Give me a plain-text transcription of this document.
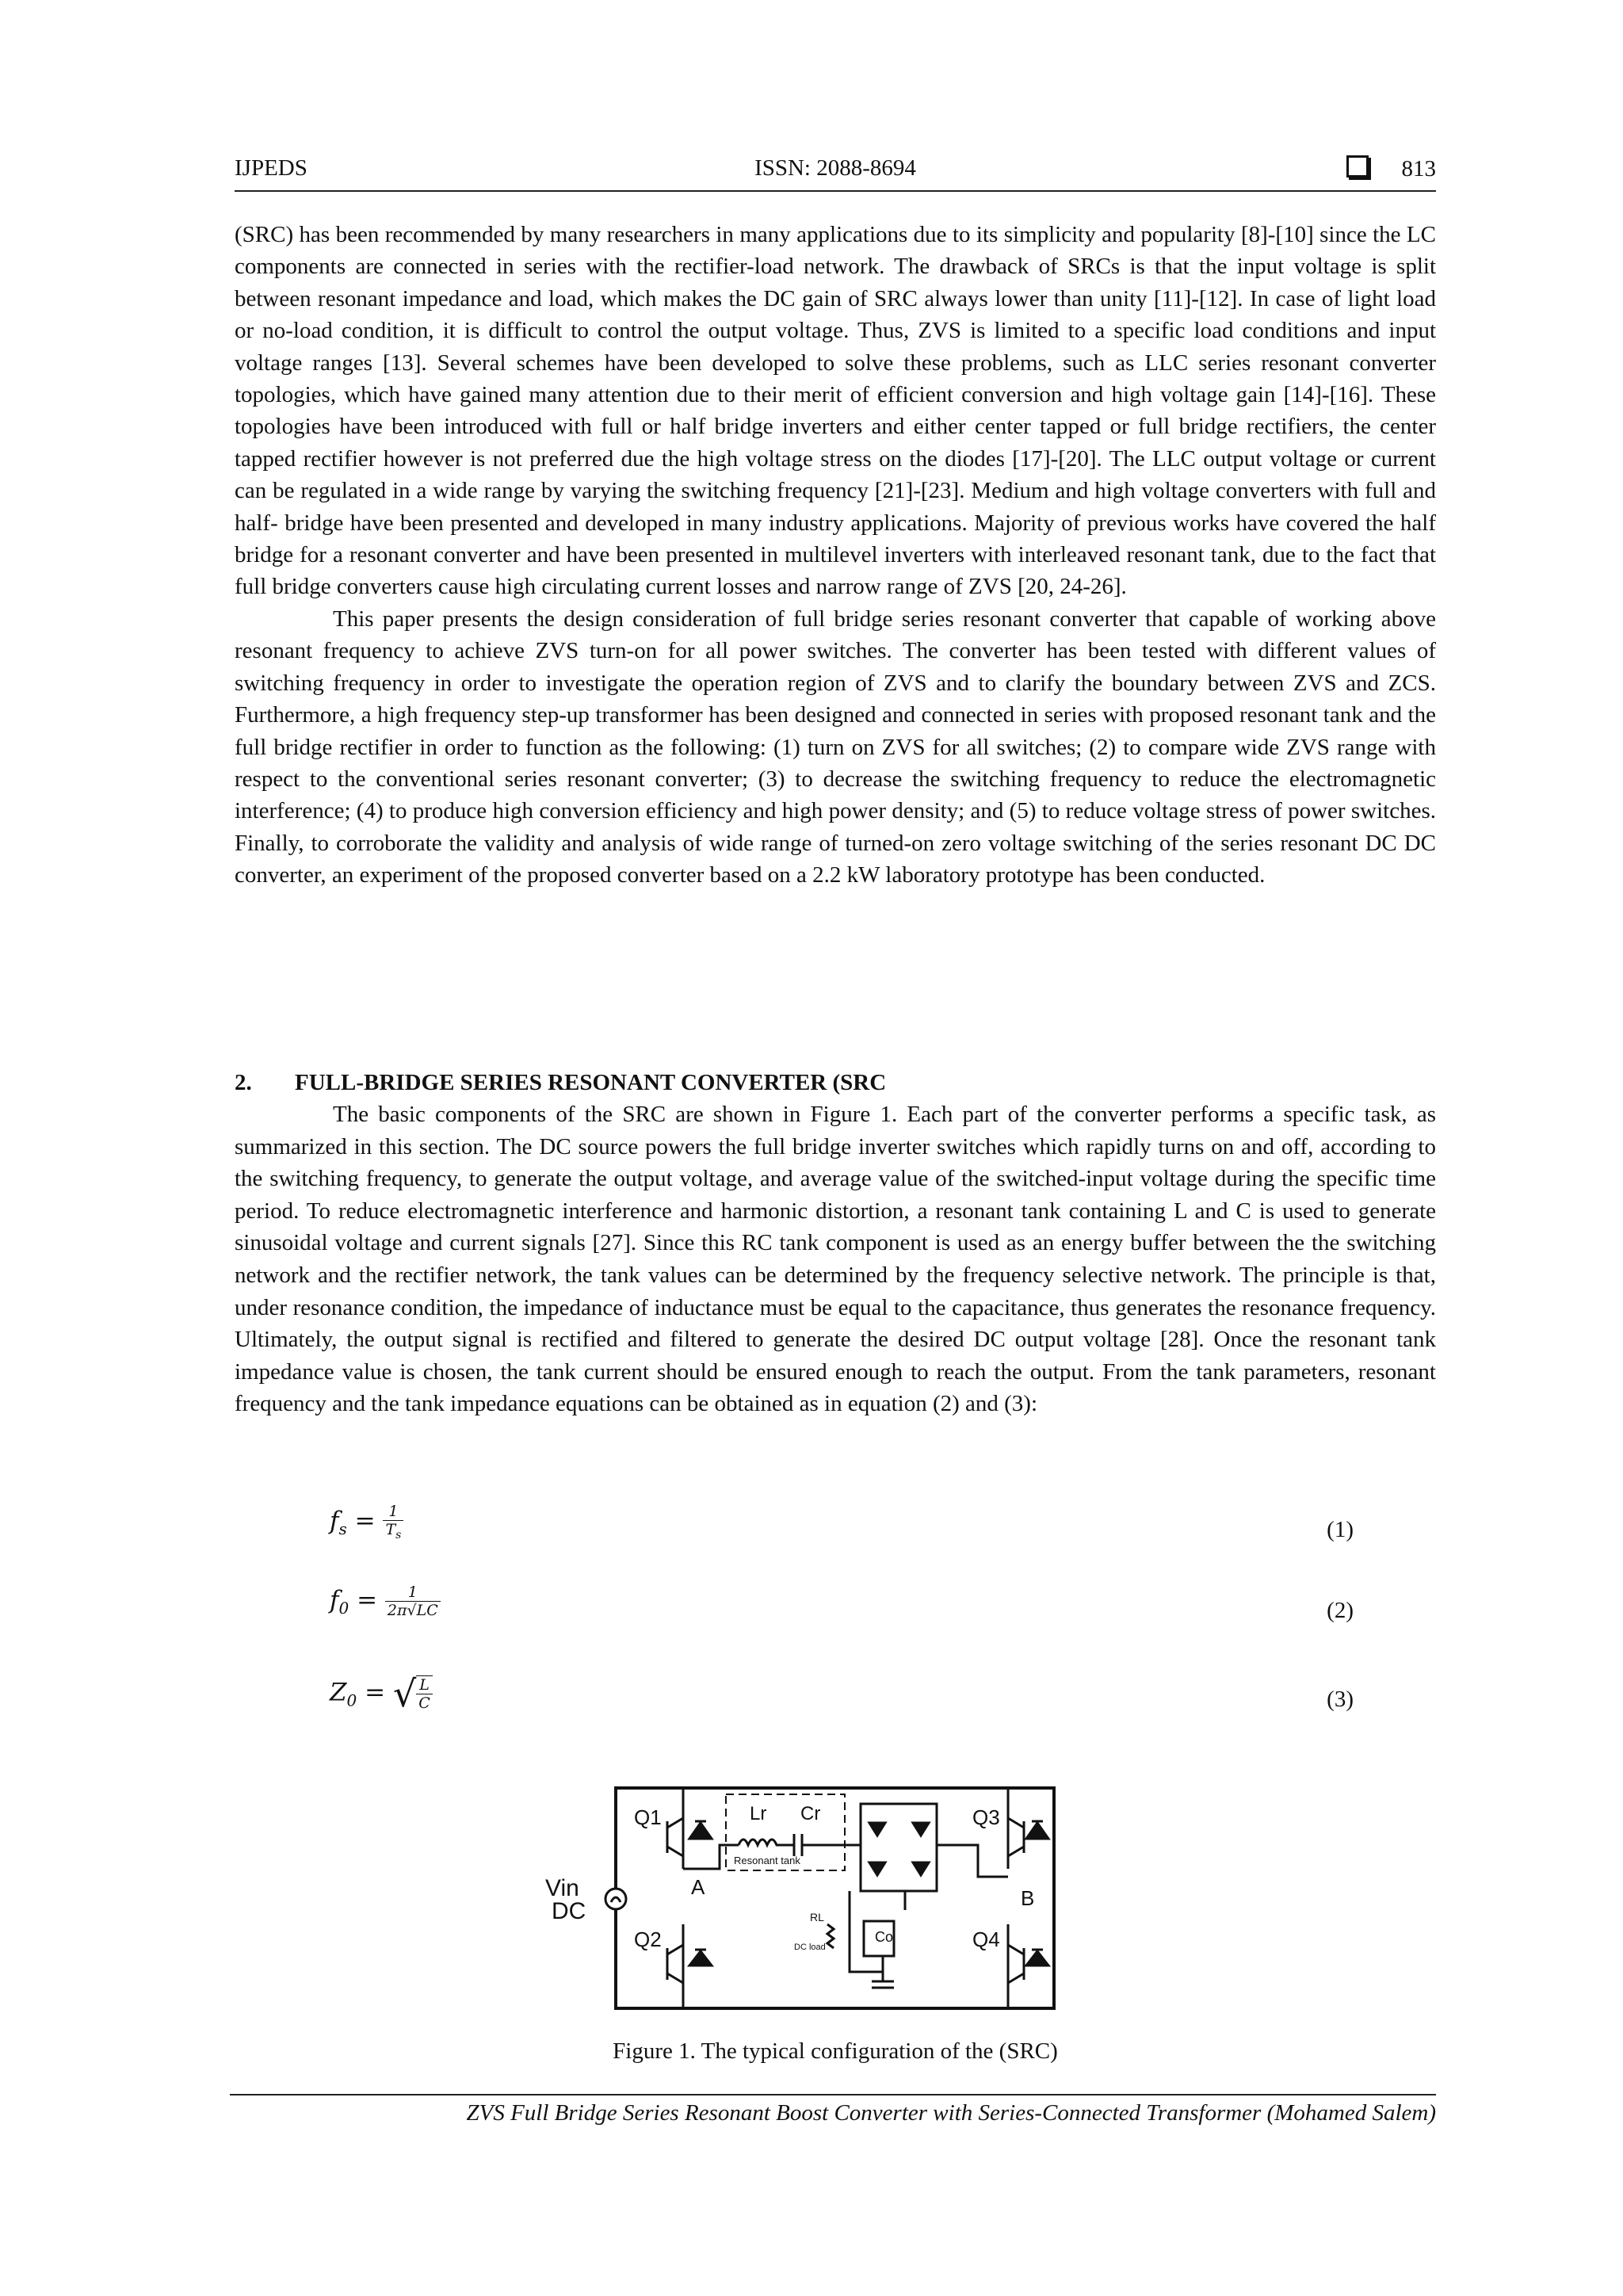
IJPEDS	ISSN: 2088-8694	813

(SRC) has been recommended by many researchers in many applications due to its simplicity and popularity [8]-[10] since the LC components are connected in series with the rectifier-load network. The drawback of SRCs is that the input voltage is split between resonant impedance and load, which makes the DC gain of SRC always lower than unity [11]-[12]. In case of light load or no-load condition, it is difficult to control the output voltage. Thus, ZVS is limited to a specific load conditions and input voltage ranges [13]. Several schemes have been developed to solve these problems, such as LLC series resonant converter topologies, which have gained many attention due to their merit of efficient conversion and high voltage gain [14]-[16]. These topologies have been introduced with full or half bridge inverters and either center tapped or full bridge rectifiers, the center tapped rectifier however is not preferred due the high voltage stress on the diodes [17]-[20]. The LLC output voltage or current can be regulated in a wide range by varying the switching frequency [21]-[23]. Medium and high voltage converters with full and half- bridge have been presented and developed in many industry applications. Majority of previous works have covered the half bridge for a resonant converter and have been presented in multilevel inverters with interleaved resonant tank, due to the fact that full bridge converters cause high circulating current losses and narrow range of ZVS [20, 24-26].

This paper presents the design consideration of full bridge series resonant converter that capable of working above resonant frequency to achieve ZVS turn-on for all power switches. The converter has been tested with different values of switching frequency in order to investigate the operation region of ZVS and to clarify the boundary between ZVS and ZCS. Furthermore, a high frequency step-up transformer has been designed and connected in series with proposed resonant tank and the full bridge rectifier in order to function as the following: (1) turn on ZVS for all switches; (2) to compare wide ZVS range with respect to the conventional series resonant converter; (3) to decrease the switching frequency to reduce the electromagnetic interference; (4) to produce high conversion efficiency and high power density; and (5) to reduce voltage stress of power switches. Finally, to corroborate the validity and analysis of wide range of turned-on zero voltage switching of the series resonant DC DC converter, an experiment of the proposed converter based on a 2.2 kW laboratory prototype has been conducted.

2. FULL-BRIDGE SERIES RESONANT CONVERTER (SRC

The basic components of the SRC are shown in Figure 1. Each part of the converter performs a specific task, as summarized in this section. The DC source powers the full bridge inverter switches which rapidly turns on and off, according to the switching frequency, to generate the output voltage, and average value of the switched-input voltage during the specific time period. To reduce electromagnetic interference and harmonic distortion, a resonant tank containing L and C is used to generate sinusoidal voltage and current signals [27]. Since this RC tank component is used as an energy buffer between the the switching network and the rectifier network, the tank values can be determined by the frequency selective network. The principle is that, under resonance condition, the impedance of inductance must be equal to the capacitance, thus generates the resonance frequency. Ultimately, the output signal is rectified and filtered to generate the desired DC output voltage [28]. Once the resonant tank impedance value is chosen, the tank current should be ensured enough to reach the output. From the tank parameters, resonant frequency and the tank impedance equations can be obtained as in equation (2) and (3):

$f_s = \frac{1}{T_s}$	(1)
$f_0 = \frac{1}{2\pi√LC}$	(2)
$Z_0$ = √ $\frac{L}{C}$	(3)
Vin
DC
Q1
Q2
A
Lr Cr
Resonant tank
Co
RL
DC load
Q3
Q4
B
Figure 1. The typical configuration of the (SRC)
ZVS Full Bridge Series Resonant Boost Converter with Series-Connected Transformer (Mohamed Salem)
